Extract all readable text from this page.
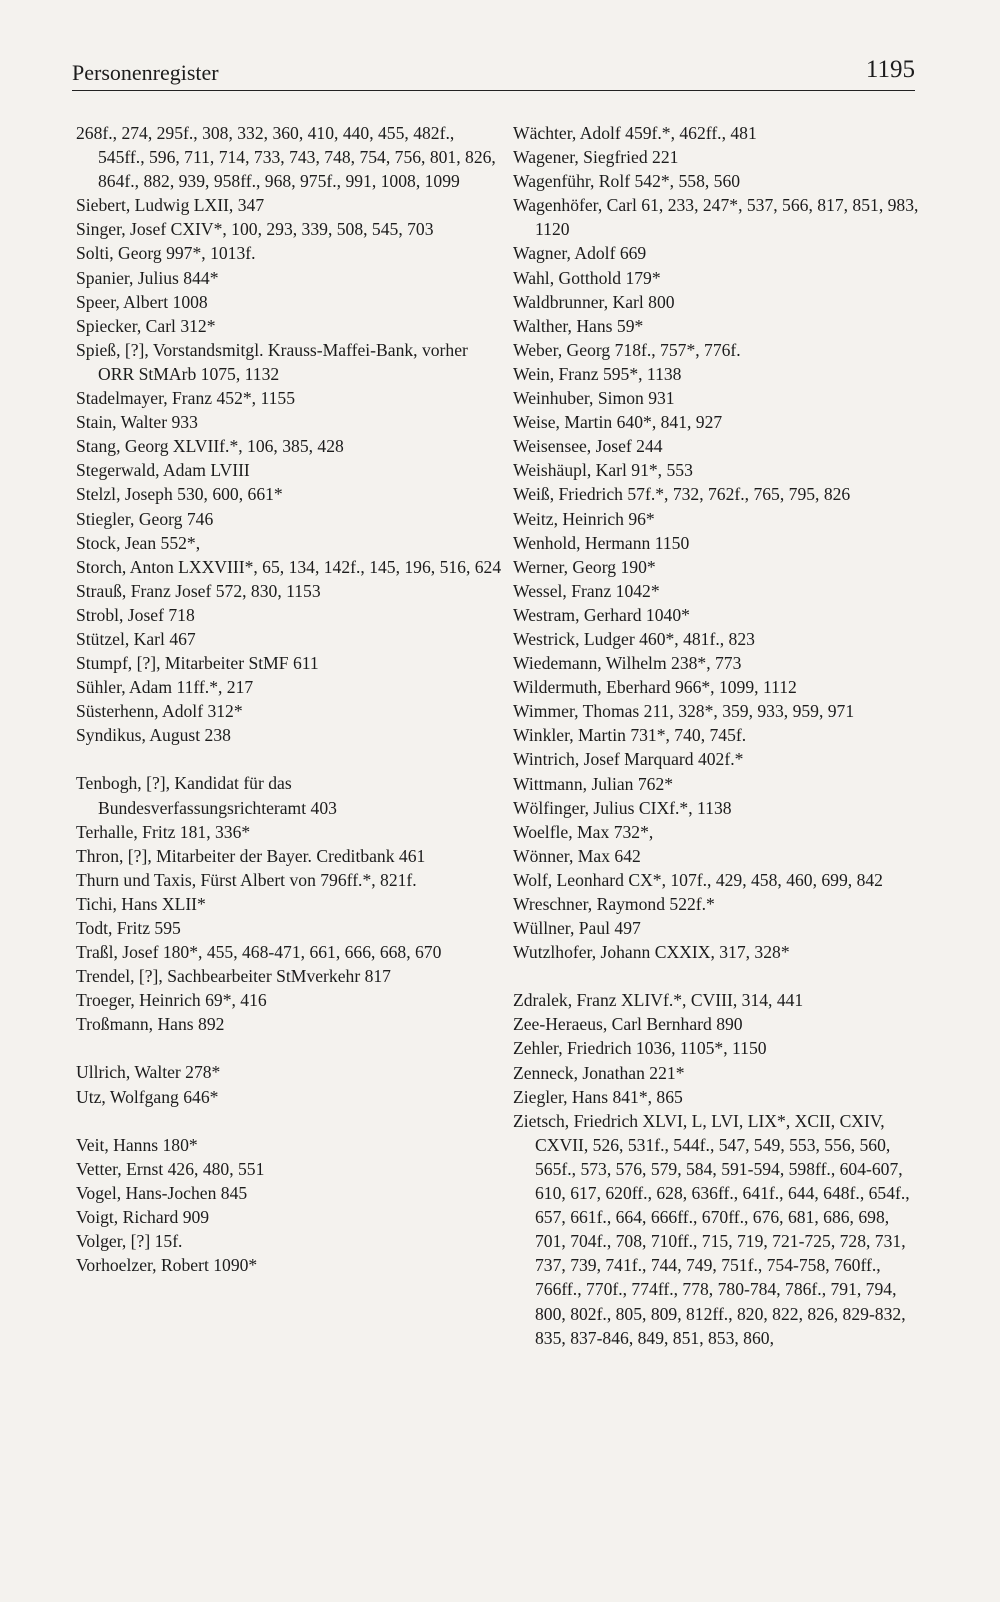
Personenregister	1195
268f., 274, 295f., 308, 332, 360, 410, 440, 455, 482f., 545ff., 596, 711, 714, 733, 743, 748, 754, 756, 801, 826, 864f., 882, 939, 958ff., 968, 975f., 991, 1008, 1099
Siebert, Ludwig LXII, 347
Singer, Josef CXIV*, 100, 293, 339, 508, 545, 703
Solti, Georg 997*, 1013f.
Spanier, Julius 844*
Speer, Albert 1008
Spiecker, Carl 312*
Spieß, [?], Vorstandsmitgl. Krauss-Maffei-Bank, vorher ORR StMArb 1075, 1132
Stadelmayer, Franz 452*, 1155
Stain, Walter 933
Stang, Georg XLVIIf.*, 106, 385, 428
Stegerwald, Adam LVIII
Stelzl, Joseph 530, 600, 661*
Stiegler, Georg 746
Stock, Jean 552*,
Storch, Anton LXXVIII*, 65, 134, 142f., 145, 196, 516, 624
Strauß, Franz Josef 572, 830, 1153
Strobl, Josef 718
Stützel, Karl 467
Stumpf, [?], Mitarbeiter StMF 611
Sühler, Adam 11ff.*, 217
Süsterhenn, Adolf 312*
Syndikus, August 238
Tenbogh, [?], Kandidat für das Bundesverfassungsrichteramt 403
Terhalle, Fritz 181, 336*
Thron, [?], Mitarbeiter der Bayer. Creditbank 461
Thurn und Taxis, Fürst Albert von 796ff.*, 821f.
Tichi, Hans XLII*
Todt, Fritz 595
Traßl, Josef 180*, 455, 468-471, 661, 666, 668, 670
Trendel, [?], Sachbearbeiter StMverkehr 817
Troeger, Heinrich 69*, 416
Troßmann, Hans 892
Ullrich, Walter 278*
Utz, Wolfgang 646*
Veit, Hanns 180*
Vetter, Ernst 426, 480, 551
Vogel, Hans-Jochen 845
Voigt, Richard 909
Volger, [?] 15f.
Vorhoelzer, Robert 1090*
Wächter, Adolf 459f.*, 462ff., 481
Wagener, Siegfried 221
Wagenführ, Rolf 542*, 558, 560
Wagenhöfer, Carl 61, 233, 247*, 537, 566, 817, 851, 983, 1120
Wagner, Adolf 669
Wahl, Gotthold 179*
Waldbrunner, Karl 800
Walther, Hans 59*
Weber, Georg 718f., 757*, 776f.
Wein, Franz 595*, 1138
Weinhuber, Simon 931
Weise, Martin 640*, 841, 927
Weisensee, Josef 244
Weishäupl, Karl 91*, 553
Weiß, Friedrich 57f.*, 732, 762f., 765, 795, 826
Weitz, Heinrich 96*
Wenhold, Hermann 1150
Werner, Georg 190*
Wessel, Franz 1042*
Westram, Gerhard 1040*
Westrick, Ludger 460*, 481f., 823
Wiedemann, Wilhelm 238*, 773
Wildermuth, Eberhard 966*, 1099, 1112
Wimmer, Thomas 211, 328*, 359, 933, 959, 971
Winkler, Martin 731*, 740, 745f.
Wintrich, Josef Marquard 402f.*
Wittmann, Julian 762*
Wölfinger, Julius CIXf.*, 1138
Woelfle, Max 732*,
Wönner, Max 642
Wolf, Leonhard CX*, 107f., 429, 458, 460, 699, 842
Wreschner, Raymond 522f.*
Wüllner, Paul 497
Wutzlhofer, Johann CXXIX, 317, 328*
Zdralek, Franz XLIVf.*, CVIII, 314, 441
Zee-Heraeus, Carl Bernhard 890
Zehler, Friedrich 1036, 1105*, 1150
Zenneck, Jonathan 221*
Ziegler, Hans 841*, 865
Zietsch, Friedrich XLVI, L, LVI, LIX*, XCII, CXIV, CXVII, 526, 531f., 544f., 547, 549, 553, 556, 560, 565f., 573, 576, 579, 584, 591-594, 598ff., 604-607, 610, 617, 620ff., 628, 636ff., 641f., 644, 648f., 654f., 657, 661f., 664, 666ff., 670ff., 676, 681, 686, 698, 701, 704f., 708, 710ff., 715, 719, 721-725, 728, 731, 737, 739, 741f., 744, 749, 751f., 754-758, 760ff., 766ff., 770f., 774ff., 778, 780-784, 786f., 791, 794, 800, 802f., 805, 809, 812ff., 820, 822, 826, 829-832, 835, 837-846, 849, 851, 853, 860,
